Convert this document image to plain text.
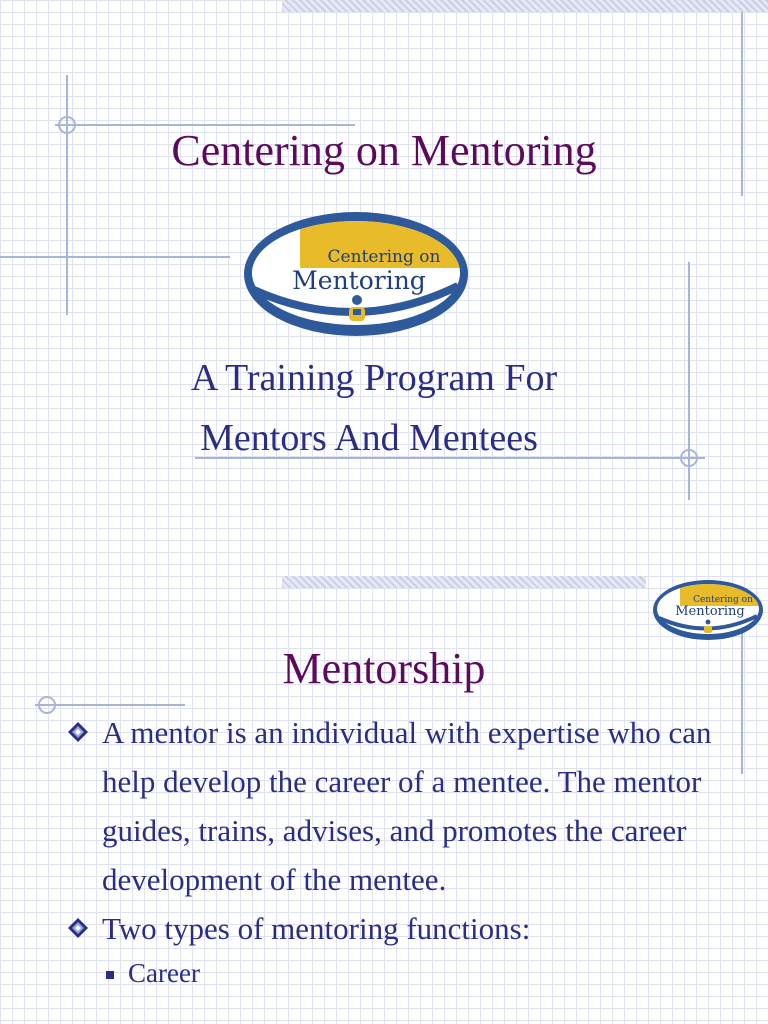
Centering on Mentoring
Centering on
Mentoring
A Training Program For
Mentors And Mentees
Centering on
Mentoring
Mentorship
A mentor is an individual with expertise who can help develop the career of a mentee. The mentor guides, trains, advises, and promotes the career development of the mentee.
Two types of mentoring functions:
Career
